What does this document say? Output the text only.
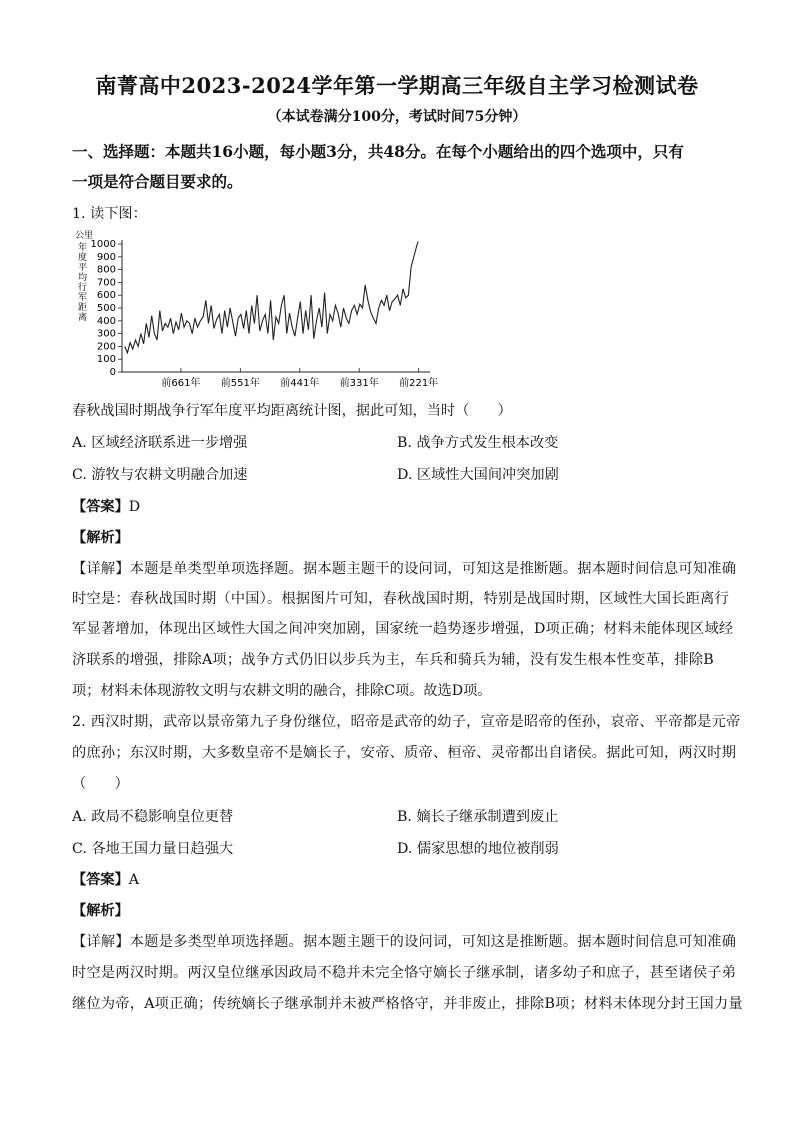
南菁高中2023-2024学年第一学期高三年级自主学习检测试卷
（本试卷满分100分，考试时间75分钟）
一、选择题：本题共16小题，每小题3分，共48分。在每个小题给出的四个选项中，只有
一项是符合题目要求的。
1. 读下图：
公里
年度平均行军距离
0
100
200
300
400
500
600
700
800
900
1000
前661年 前551年 前441年 前331年 前221年
春秋战国时期战争行军年度平均距离统计图，据此可知，当时（　　）
A. 区域经济联系进一步增强	B. 战争方式发生根本改变
C. 游牧与农耕文明融合加速	D. 区域性大国间冲突加剧
【答案】D
【解析】
【详解】本题是单类型单项选择题。据本题主题干的设问词，可知这是推断题。据本题时间信息可知准确
时空是：春秋战国时期（中国）。根据图片可知，春秋战国时期，特别是战国时期，区域性大国长距离行
军显著增加，体现出区域性大国之间冲突加剧，国家统一趋势逐步增强，D项正确；材料未能体现区域经
济联系的增强，排除A项；战争方式仍旧以步兵为主，车兵和骑兵为辅，没有发生根本性变革，排除B
项；材料未体现游牧文明与农耕文明的融合，排除C项。故选D项。
2. 西汉时期，武帝以景帝第九子身份继位，昭帝是武帝的幼子，宣帝是昭帝的侄孙，哀帝、平帝都是元帝
的庶孙；东汉时期，大多数皇帝不是嫡长子，安帝、质帝、桓帝、灵帝都出自诸侯。据此可知，两汉时期
（　　）
A. 政局不稳影响皇位更替	B. 嫡长子继承制遭到废止
C. 各地王国力量日趋强大	D. 儒家思想的地位被削弱
【答案】A
【解析】
【详解】本题是多类型单项选择题。据本题主题干的设问词，可知这是推断题。据本题时间信息可知准确
时空是两汉时期。两汉皇位继承因政局不稳并未完全恪守嫡长子继承制，诸多幼子和庶子，甚至诸侯子弟
继位为帝，A项正确；传统嫡长子继承制并未被严格恪守，并非废止，排除B项；材料未体现分封王国力量
